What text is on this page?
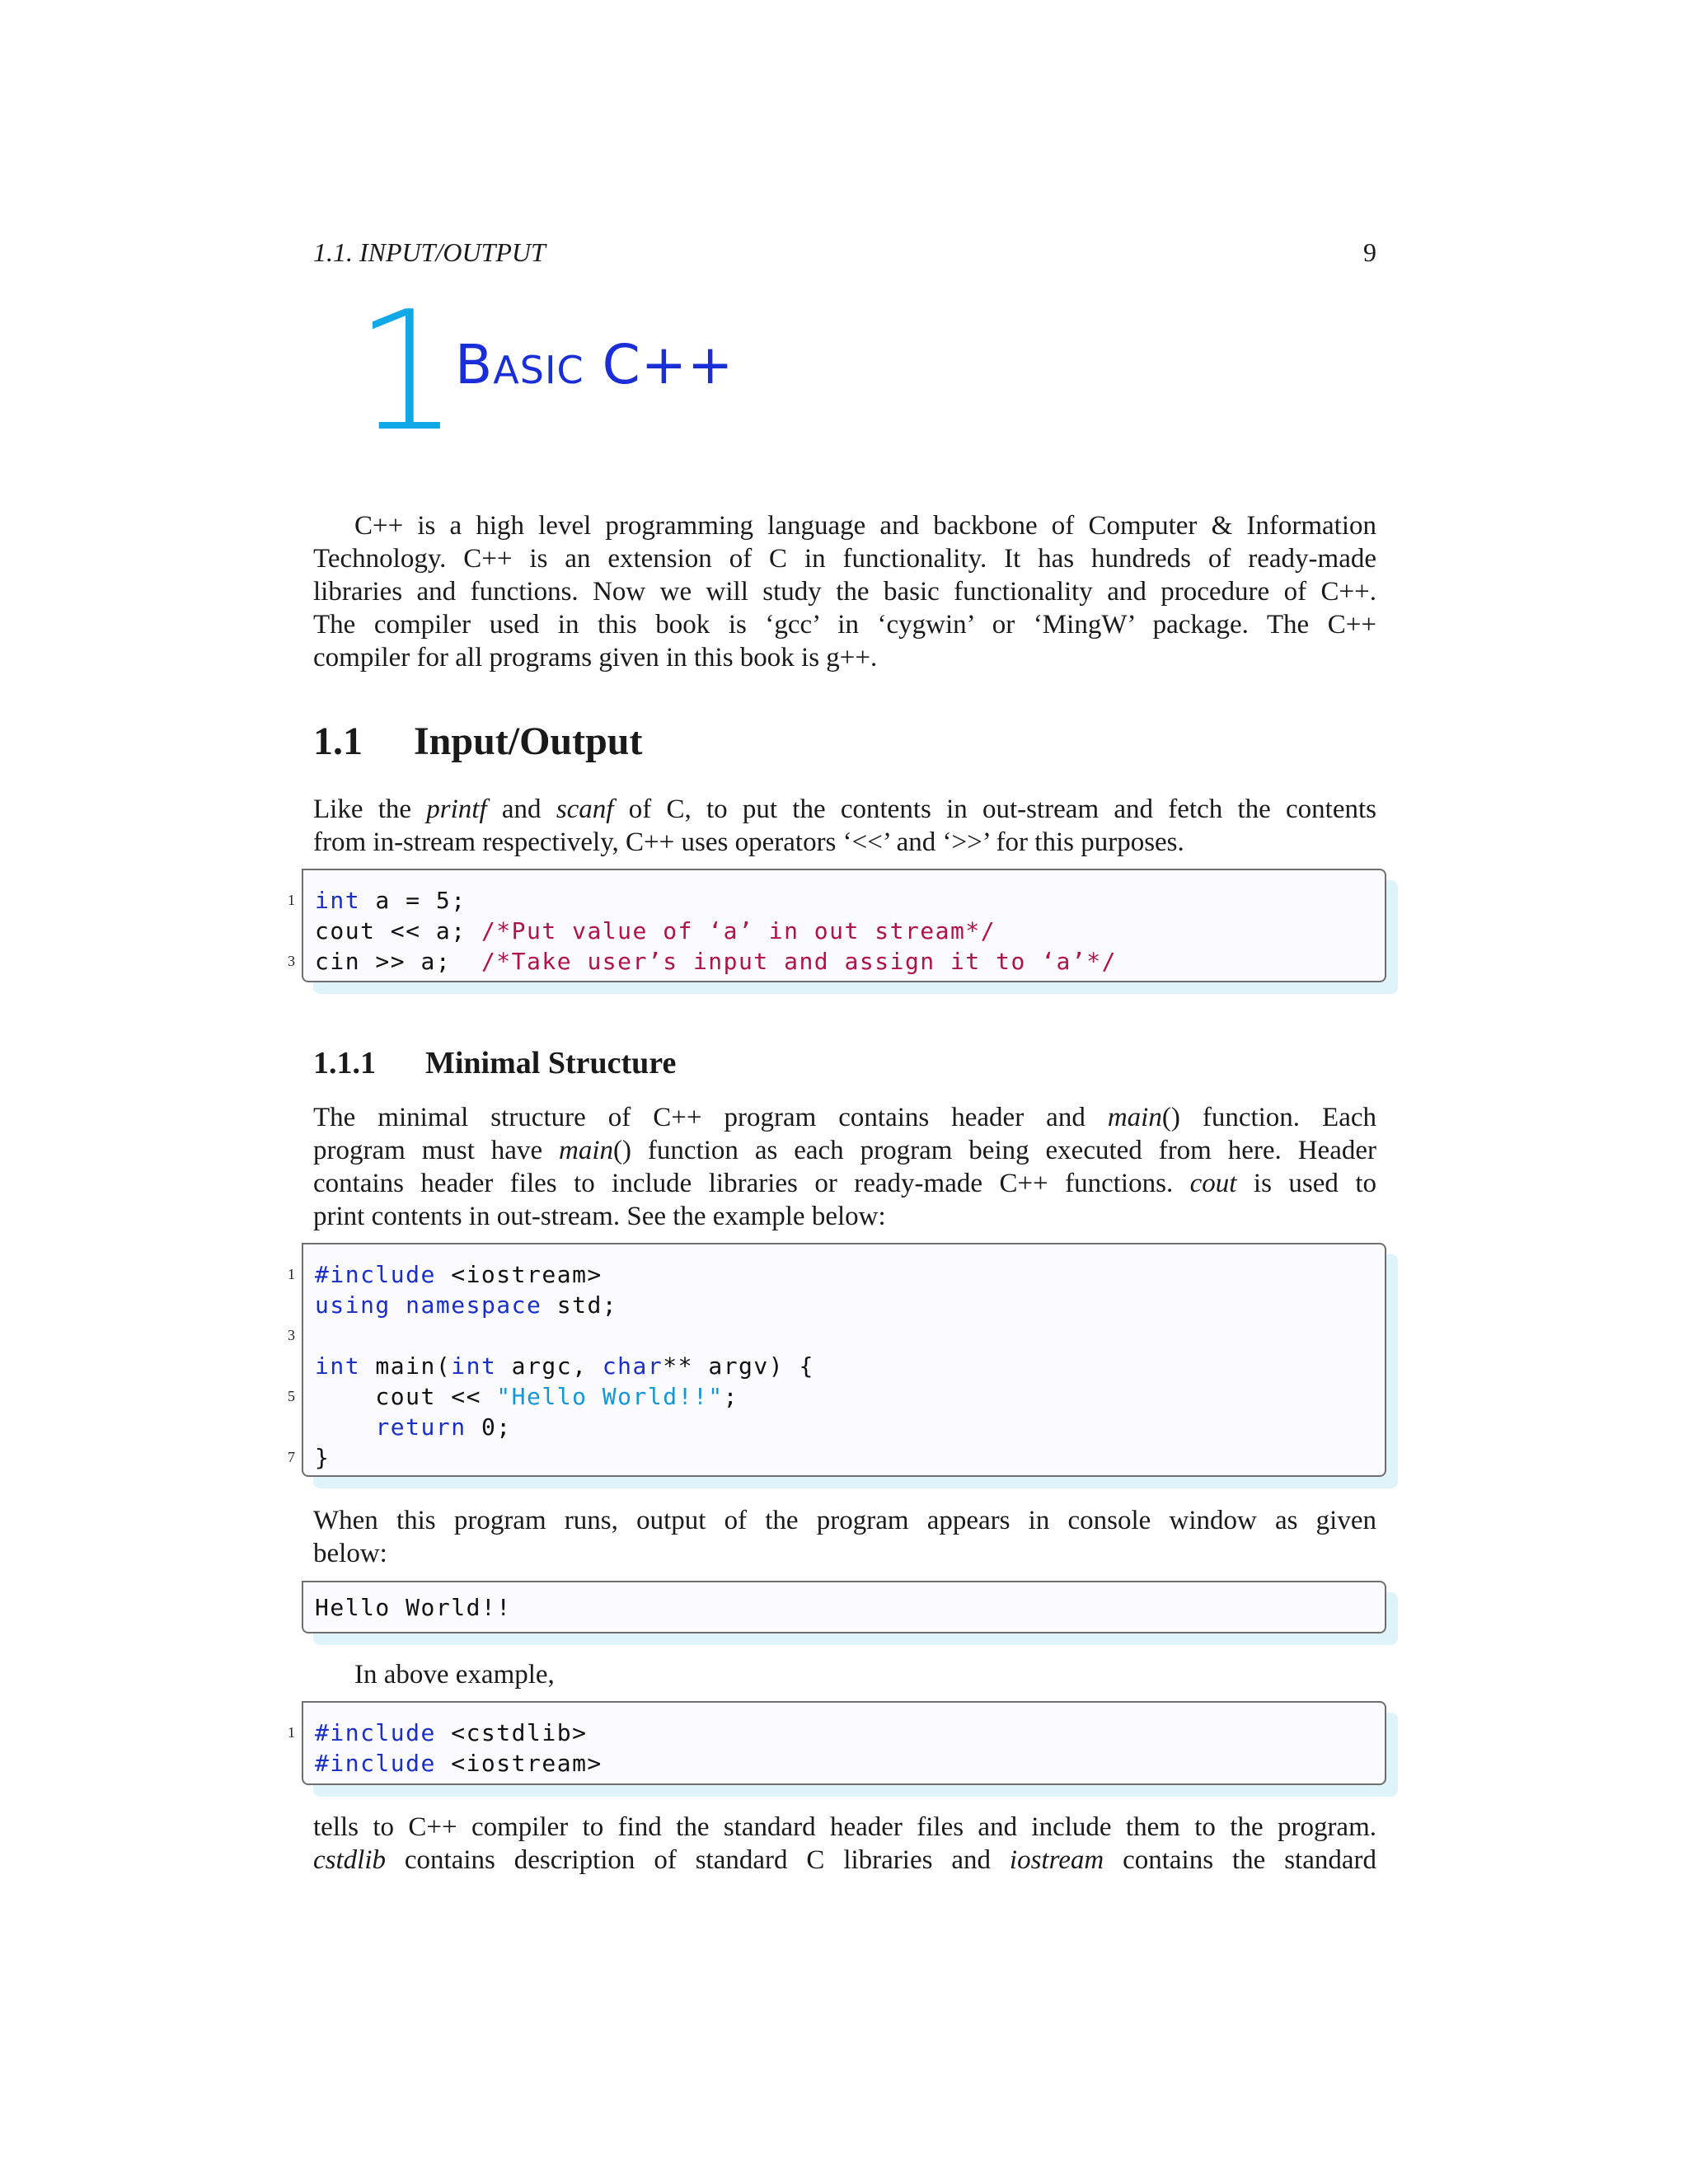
1.1. INPUT/OUTPUT	9
1
Basic C++

C++ is a high level programming language and backbone of Computer & Information
Technology. C++ is an extension of C in functionality. It has hundreds of ready-made
libraries and functions. Now we will study the basic functionality and procedure of C++.
The compiler used in this book is ‘gcc’ in ‘cygwin’ or ‘MingW’ package. The C++
compiler for all programs given in this book is g++.

1.1 Input/Output

Like the printf and scanf of C, to put the contents in out-stream and fetch the contents
from in-stream respectively, C++ uses operators ‘<<’ and ‘>>’ for this purposes.

1 int a = 5;
cout << a; /*Put value of ‘a’ in out stream*/
3 cin >> a;  /*Take user’s input and assign it to ‘a’*/
1.1.1 Minimal Structure

The minimal structure of C++ program contains header and main() function. Each
program must have main() function as each program being executed from here. Header
contains header files to include libraries or ready-made C++ functions. cout is used to
print contents in out-stream. See the example below:

1 #include <iostream>
using namespace std;
3
int main(int argc, char** argv) {
5 cout << "Hello World!!";
return 0;
7 }

When this program runs, output of the program appears in console window as given
below:

Hello World!!

In above example,

1 #include <cstdlib>
#include <iostream>

tells to C++ compiler to find the standard header files and include them to the program.
cstdlib contains description of standard C libraries and iostream contains the standard
